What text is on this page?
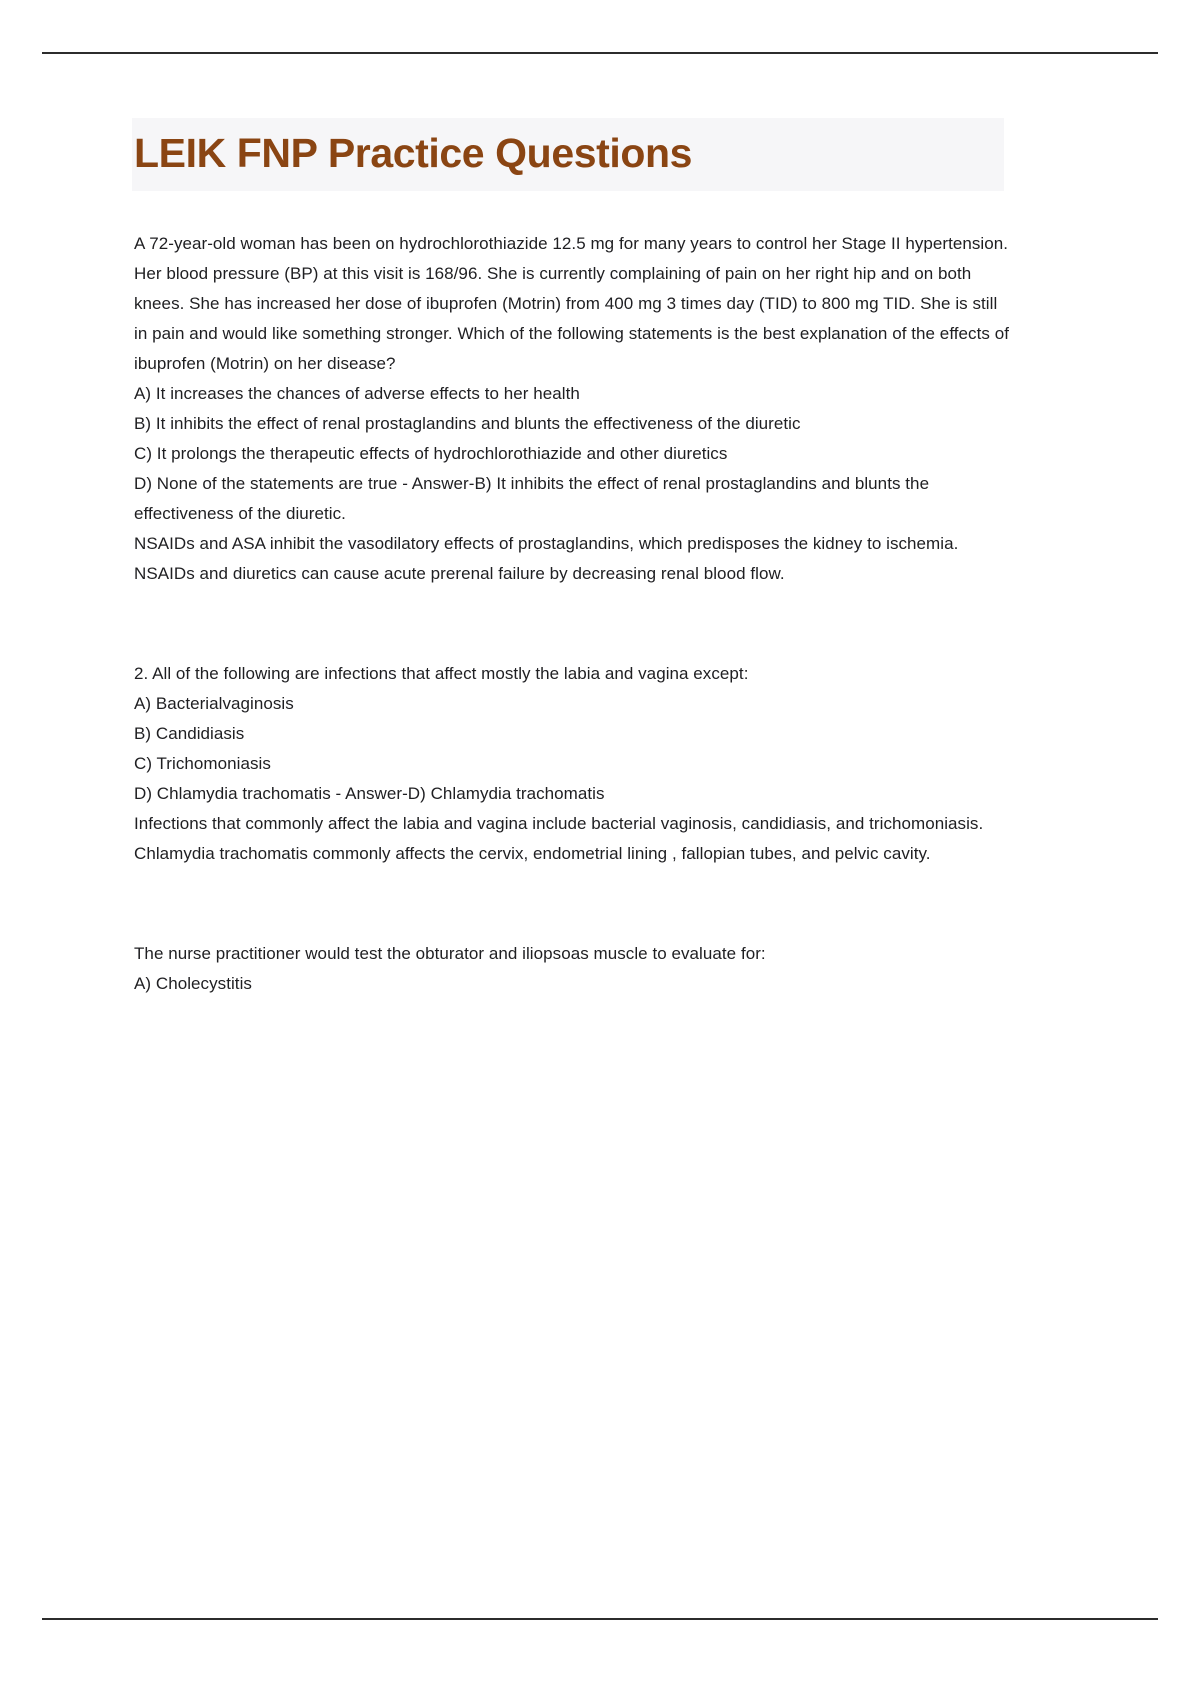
LEIK FNP Practice Questions

A 72-year-old woman has been on hydrochlorothiazide 12.5 mg for many years to control her Stage II hypertension. Her blood pressure (BP) at this visit is 168/96. She is currently complaining of pain on her right hip and on both knees. She has increased her dose of ibuprofen (Motrin) from 400 mg 3 times day (TID) to 800 mg TID. She is still in pain and would like something stronger. Which of the following statements is the best explanation of the effects of ibuprofen (Motrin) on her disease?

A) It increases the chances of adverse effects to her health

B) It inhibits the effect of renal prostaglandins and blunts the effectiveness of the diuretic

C) It prolongs the therapeutic effects of hydrochlorothiazide and other diuretics

D) None of the statements are true - Answer-B) It inhibits the effect of renal prostaglandins and blunts the effectiveness of the diuretic.

NSAIDs and ASA inhibit the vasodilatory effects of prostaglandins, which predisposes the kidney to ischemia. NSAIDs and diuretics can cause acute prerenal failure by decreasing renal blood flow.

2. All of the following are infections that affect mostly the labia and vagina except:

A) Bacterialvaginosis

B) Candidiasis

C) Trichomoniasis

D) Chlamydia trachomatis - Answer-D) Chlamydia trachomatis

Infections that commonly affect the labia and vagina include bacterial vaginosis, candidiasis, and trichomoniasis. Chlamydia trachomatis commonly affects the cervix, endometrial lining , fallopian tubes, and pelvic cavity.

The nurse practitioner would test the obturator and iliopsoas muscle to evaluate for:

A) Cholecystitis
